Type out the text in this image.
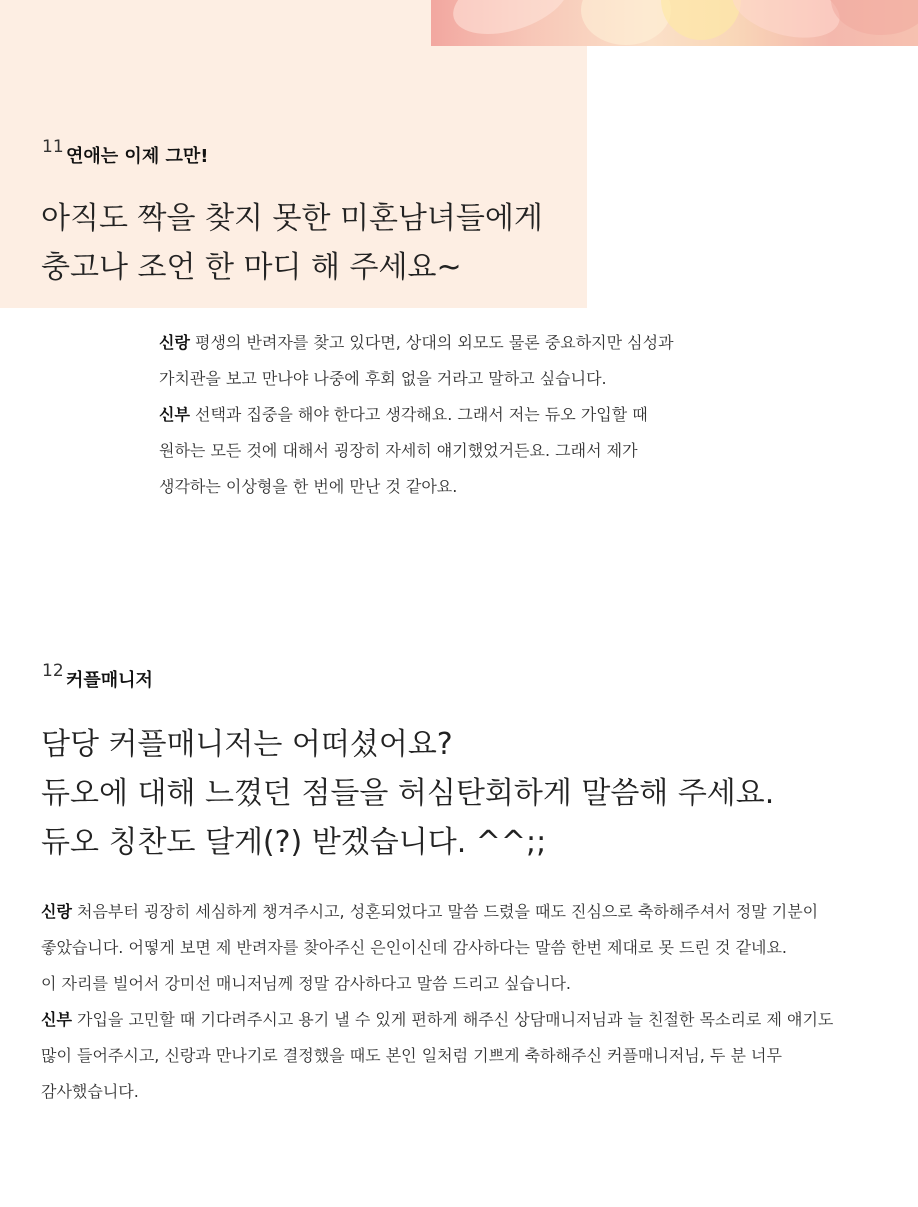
11 연애는 이제 그만!
아직도 짝을 찾지 못한 미혼남녀들에게
충고나 조언 한 마디 해 주세요~

신랑 평생의 반려자를 찾고 있다면, 상대의 외모도 물론 중요하지만 심성과

가치관을 보고 만나야 나중에 후회 없을 거라고 말하고 싶습니다.

신부 선택과 집중을 해야 한다고 생각해요. 그래서 저는 듀오 가입할 때

원하는 모든 것에 대해서 굉장히 자세히 얘기했었거든요. 그래서 제가

생각하는 이상형을 한 번에 만난 것 같아요.

12 커플매니저
담당 커플매니저는 어떠셨어요?
듀오에 대해 느꼈던 점들을 허심탄회하게 말씀해 주세요.
듀오 칭찬도 달게(?) 받겠습니다. ^^;;

신랑 처음부터 굉장히 세심하게 챙겨주시고, 성혼되었다고 말씀 드렸을 때도 진심으로 축하해주셔서 정말 기분이

좋았습니다. 어떻게 보면 제 반려자를 찾아주신 은인이신데 감사하다는 말씀 한번 제대로 못 드린 것 같네요.

이 자리를 빌어서 강미선 매니저님께 정말 감사하다고 말씀 드리고 싶습니다.

신부 가입을 고민할 때 기다려주시고 용기 낼 수 있게 편하게 해주신 상담매니저님과 늘 친절한 목소리로 제 얘기도

많이 들어주시고, 신랑과 만나기로 결정했을 때도 본인 일처럼 기쁘게 축하해주신 커플매니저님, 두 분 너무

감사했습니다.
